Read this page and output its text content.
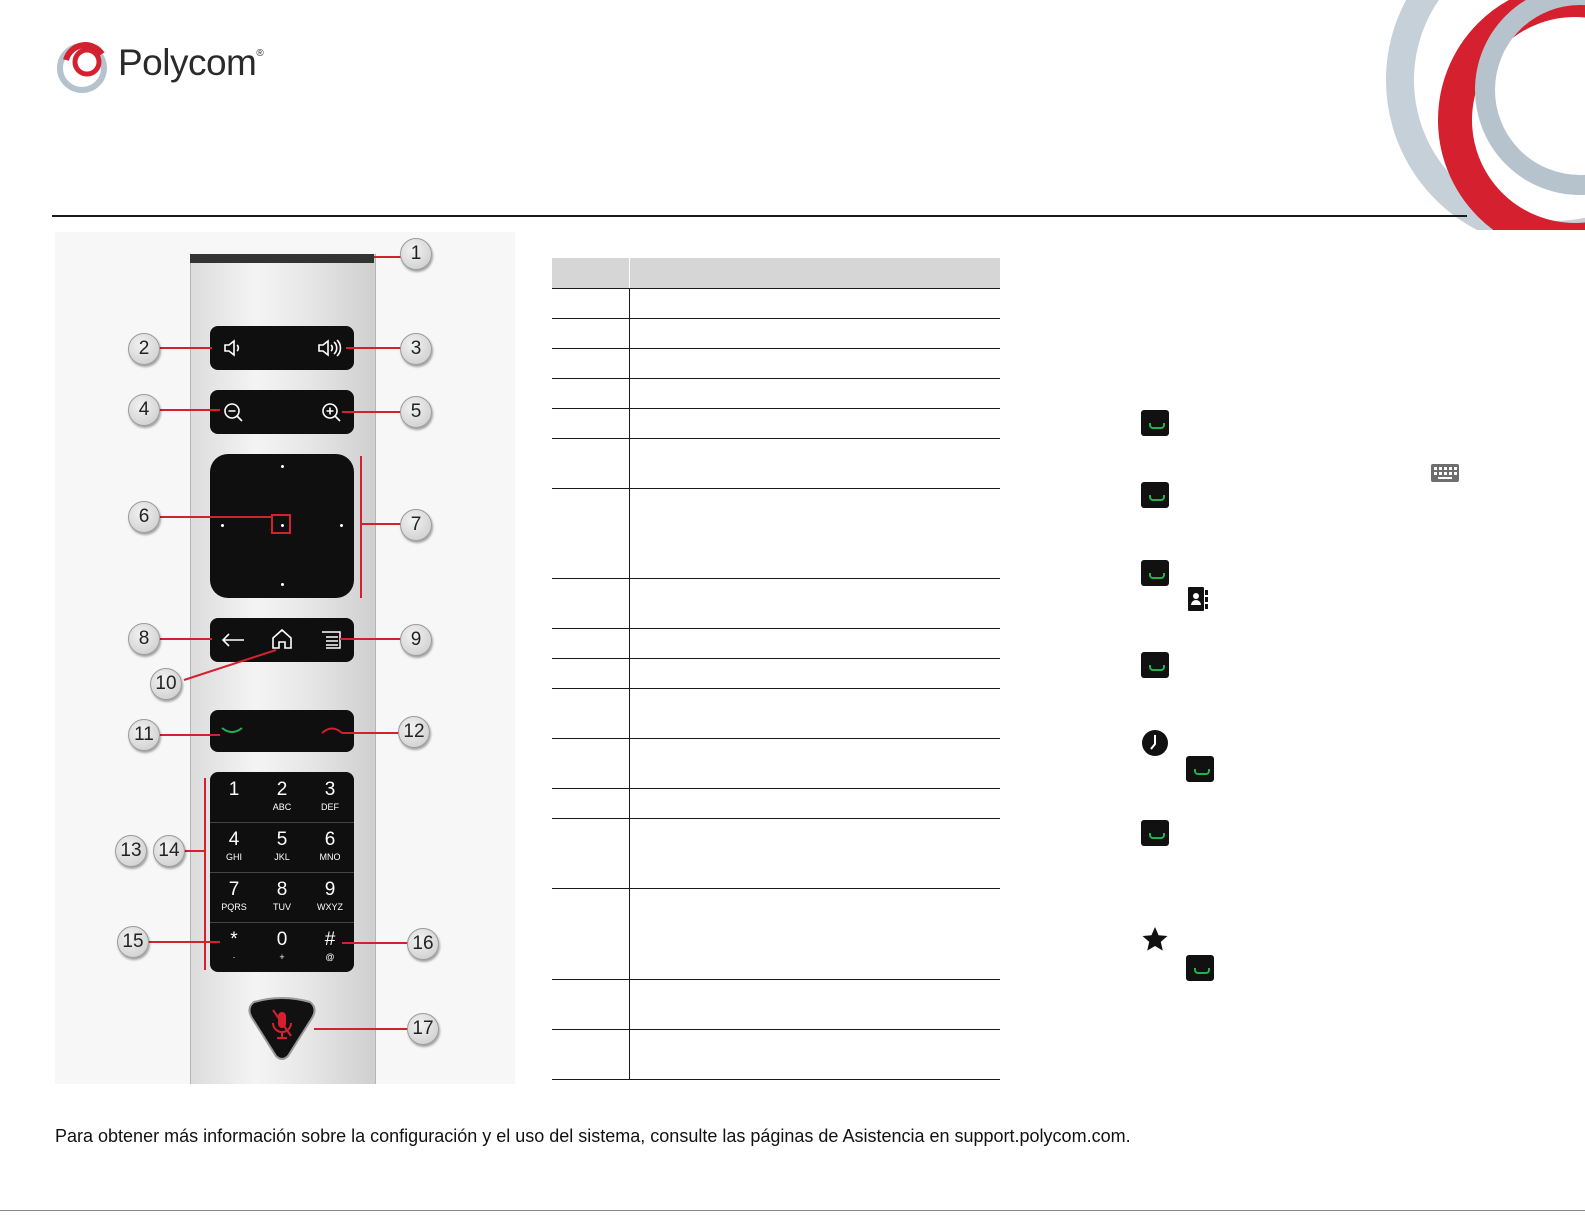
Polycom®
1	2
ABC
3
DEF
4
GHI
5
JKL
6
MNO
7
PQRS
8
TUV
9
WXYZ
*
·
0
+
#
@
1
2	3
4	5
6	7
8	9
10
11	12
13 14
15	16
17
Para obtener más información sobre la configuración y el uso del sistema, consulte las páginas de Asistencia en support.polycom.com.
